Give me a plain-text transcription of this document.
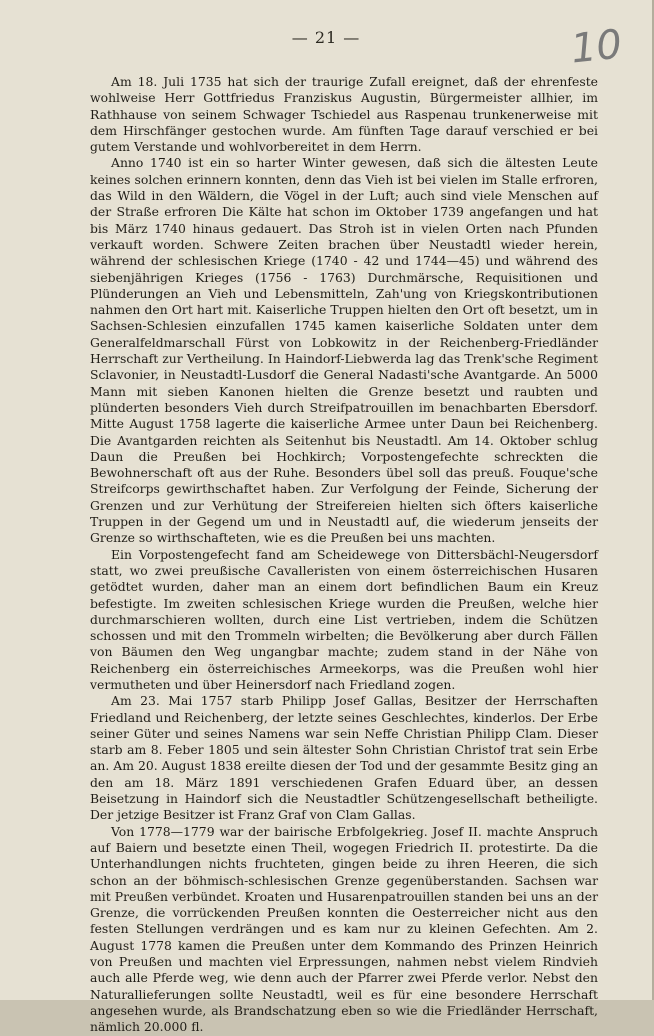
— 21 —	10

Am 18. Juli 1735 hat sich der traurige Zufall ereignet, daß der ehrenfeste wohlweise Herr Gottfriedus Franziskus Augustin, Bürgermeister allhier, im Rathhause von seinem Schwager Tschiedel aus Raspenau trunkenerweise mit dem Hirschfänger gestochen wurde. Am fünften Tage darauf verschied er bei gutem Verstande und wohlvorbereitet in dem Herrn.

Anno 1740 ist ein so harter Winter gewesen, daß sich die ältesten Leute keines solchen erinnern konnten, denn das Vieh ist bei vielen im Stalle erfroren, das Wild in den Wäldern, die Vögel in der Luft; auch sind viele Menschen auf der Straße erfroren Die Kälte hat schon im Oktober 1739 angefangen und hat bis März 1740 hinaus gedauert. Das Stroh ist in vielen Orten nach Pfunden verkauft worden. Schwere Zeiten brachen über Neustadtl wieder herein, während der schlesischen Kriege (1740 - 42 und 1744—45) und während des siebenjährigen Krieges (1756 - 1763) Durchmärsche, Requisitionen und Plünderungen an Vieh und Lebensmitteln, Zah'ung von Kriegskontributionen nahmen den Ort hart mit. Kaiserliche Truppen hielten den Ort oft besetzt, um in Sachsen-Schlesien einzufallen 1745 kamen kaiserliche Soldaten unter dem Generalfeldmarschall Fürst von Lobkowitz in der Reichenberg-Friedländer Herrschaft zur Vertheilung. In Haindorf-Liebwerda lag das Trenk'sche Regiment Sclavonier, in Neustadtl-Lusdorf die General Nadasti'sche Avantgarde. An 5000 Mann mit sieben Kanonen hielten die Grenze besetzt und raubten und plünderten besonders Vieh durch Streifpatrouillen im benachbarten Ebersdorf. Mitte August 1758 lagerte die kaiserliche Armee unter Daun bei Reichenberg. Die Avantgarden reichten als Seitenhut bis Neustadtl. Am 14. Oktober schlug Daun die Preußen bei Hochkirch; Vorpostengefechte schreckten die Bewohnerschaft oft aus der Ruhe. Besonders übel soll das preuß. Fouque'sche Streifcorps gewirthschaftet haben. Zur Verfolgung der Feinde, Sicherung der Grenzen und zur Verhütung der Streifereien hielten sich öfters kaiserliche Truppen in der Gegend um und in Neustadtl auf, die wiederum jenseits der Grenze so wirthschafteten, wie es die Preußen bei uns machten.

Ein Vorpostengefecht fand am Scheidewege von Dittersbächl-Neugersdorf statt, wo zwei preußische Cavalleristen von einem österreichischen Husaren getödtet wurden, daher man an einem dort befindlichen Baum ein Kreuz befestigte. Im zweiten schlesischen Kriege wurden die Preußen, welche hier durchmarschieren wollten, durch eine List vertrieben, indem die Schützen schossen und mit den Trommeln wirbelten; die Bevölkerung aber durch Fällen von Bäumen den Weg ungangbar machte; zudem stand in der Nähe von Reichenberg ein österreichisches Armeekorps, was die Preußen wohl hier vermutheten und über Heinersdorf nach Friedland zogen.

Am 23. Mai 1757 starb Philipp Josef Gallas, Besitzer der Herrschaften Friedland und Reichenberg, der letzte seines Geschlechtes, kinderlos. Der Erbe seiner Güter und seines Namens war sein Neffe Christian Philipp Clam. Dieser starb am 8. Feber 1805 und sein ältester Sohn Christian Christof trat sein Erbe an. Am 20. August 1838 ereilte diesen der Tod und der gesammte Besitz ging an den am 18. März 1891 verschiedenen Grafen Eduard über, an dessen Beisetzung in Haindorf sich die Neustadtler Schützengesellschaft betheiligte. Der jetzige Besitzer ist Franz Graf von Clam Gallas.

Von 1778—1779 war der bairische Erbfolgekrieg. Josef II. machte Anspruch auf Baiern und besetzte einen Theil, wogegen Friedrich II. protestirte. Da die Unterhandlungen nichts fruchteten, gingen beide zu ihren Heeren, die sich schon an der böhmisch-schlesischen Grenze gegenüberstanden. Sachsen war mit Preußen verbündet. Kroaten und Husarenpatrouillen standen bei uns an der Grenze, die vorrückenden Preußen konnten die Oesterreicher nicht aus den festen Stellungen verdrängen und es kam nur zu kleinen Gefechten. Am 2. August 1778 kamen die Preußen unter dem Kommando des Prinzen Heinrich von Preußen und machten viel Erpressungen, nahmen nebst vielem Rindvieh auch alle Pferde weg, wie denn auch der Pfarrer zwei Pferde verlor. Nebst den Naturallieferungen sollte Neustadtl, weil es für eine besondere Herrschaft angesehen wurde, als Brandschatzung eben so wie die Friedländer Herrschaft, nämlich 20.000 fl.
